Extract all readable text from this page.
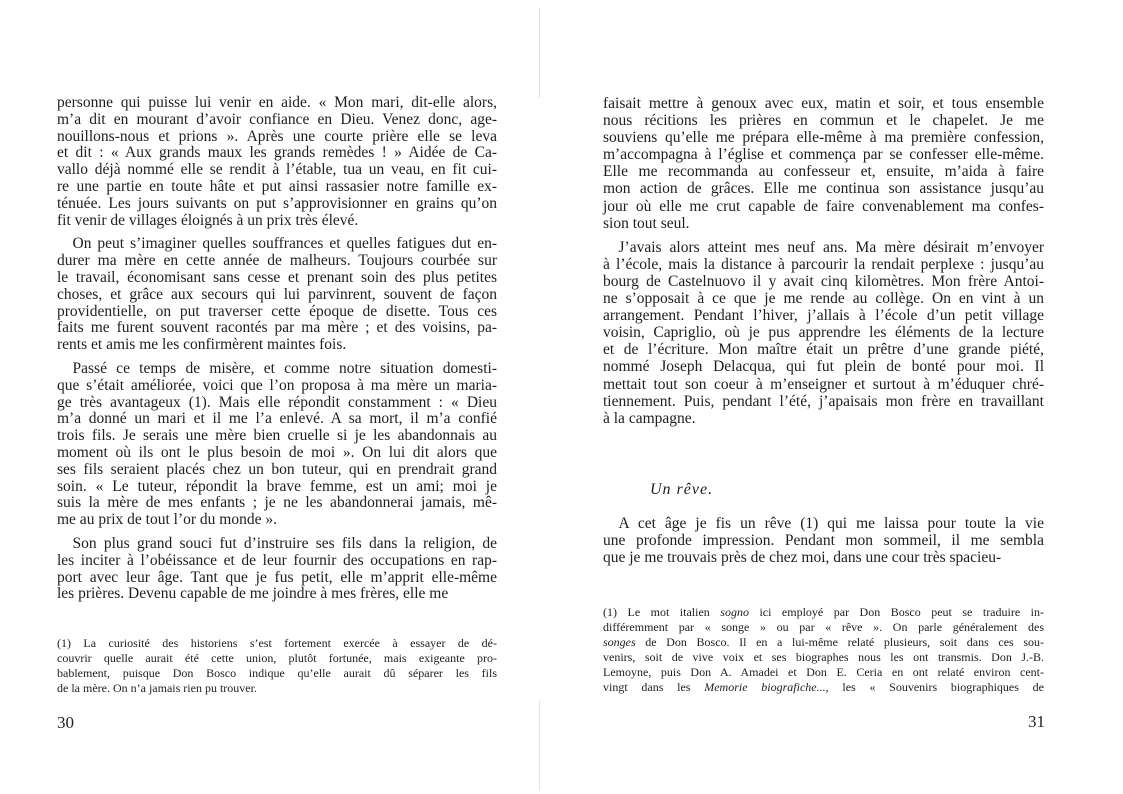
personne qui puisse lui venir en aide. « Mon mari, dit-elle alors,
m’a dit en mourant d’avoir confiance en Dieu. Venez donc, age-
nouillons-nous et prions ». Après une courte prière elle se leva
et dit : « Aux grands maux les grands remèdes ! » Aidée de Ca-
vallo déjà nommé elle se rendit à l’étable, tua un veau, en fit cui-
re une partie en toute hâte et put ainsi rassasier notre famille ex-
ténuée. Les jours suivants on put s’approvisionner en grains qu’on
fit venir de villages éloignés à un prix très élevé.
 On peut s’imaginer quelles souffrances et quelles fatigues dut en-
durer ma mère en cette année de malheurs. Toujours courbée sur
le travail, économisant sans cesse et prenant soin des plus petites
choses, et grâce aux secours qui lui parvinrent, souvent de façon
providentielle, on put traverser cette époque de disette. Tous ces
faits me furent souvent racontés par ma mère ; et des voisins, pa-
rents et amis me les confirmèrent maintes fois.
 Passé ce temps de misère, et comme notre situation domesti-
que s’était améliorée, voici que l’on proposa à ma mère un maria-
ge très avantageux (1). Mais elle répondit constamment : « Dieu
m’a donné un mari et il me l’a enlevé. A sa mort, il m’a confié
trois fils. Je serais une mère bien cruelle si je les abandonnais au
moment où ils ont le plus besoin de moi ». On lui dit alors que
ses fils seraient placés chez un bon tuteur, qui en prendrait grand
soin. « Le tuteur, répondit la brave femme, est un ami; moi je
suis la mère de mes enfants ; je ne les abandonnerai jamais, mê-
me au prix de tout l’or du monde ».
 Son plus grand souci fut d’instruire ses fils dans la religion, de
les inciter à l’obéissance et de leur fournir des occupations en rap-
port avec leur âge. Tant que je fus petit, elle m’apprit elle-même
les prières. Devenu capable de me joindre à mes frères, elle me
(1) La curiosité des historiens s’est fortement exercée à essayer de dé-
couvrir quelle aurait été cette union, plutôt fortunée, mais exigeante pro-
bablement, puisque Don Bosco indique qu’elle aurait dû séparer les fils
de la mère. On n’a jamais rien pu trouver.
30
faisait mettre à genoux avec eux, matin et soir, et tous ensemble
nous récitions les prières en commun et le chapelet. Je me
souviens qu’elle me prépara elle-même à ma première confession,
m’accompagna à l’église et commença par se confesser elle-même.
Elle me recommanda au confesseur et, ensuite, m’aida à faire
mon action de grâces. Elle me continua son assistance jusqu’au
jour où elle me crut capable de faire convenablement ma confes-
sion tout seul.
 J’avais alors atteint mes neuf ans. Ma mère désirait m’envoyer
à l’école, mais la distance à parcourir la rendait perplexe : jusqu’au
bourg de Castelnuovo il y avait cinq kilomètres. Mon frère Antoi-
ne s’opposait à ce que je me rende au collège. On en vint à un
arrangement. Pendant l’hiver, j’allais à l’école d’un petit village
voisin, Capriglio, où je pus apprendre les éléments de la lecture
et de l’écriture. Mon maître était un prêtre d’une grande piété,
nommé Joseph Delacqua, qui fut plein de bonté pour moi. Il
mettait tout son coeur à m’enseigner et surtout à m’éduquer chré-
tiennement. Puis, pendant l’été, j’apaisais mon frère en travaillant
à la campagne.
Un rêve.
 A cet âge je fis un rêve (1) qui me laissa pour toute la vie
une profonde impression. Pendant mon sommeil, il me sembla
que je me trouvais près de chez moi, dans une cour très spacieu-
(1) Le mot italien sogno ici employé par Don Bosco peut se traduire in-
différemment par « songe » ou par « rêve ». On parle généralement des
songes de Don Bosco. Il en a lui-même relaté plusieurs, soit dans ces sou-
venirs, soit de vive voix et ses biographes nous les ont transmis. Don J.-B.
Lemoyne, puis Don A. Amadei et Don E. Ceria en ont relaté environ cent-
vingt dans les Memorie biografiche..., les « Souvenirs biographiques de
31
